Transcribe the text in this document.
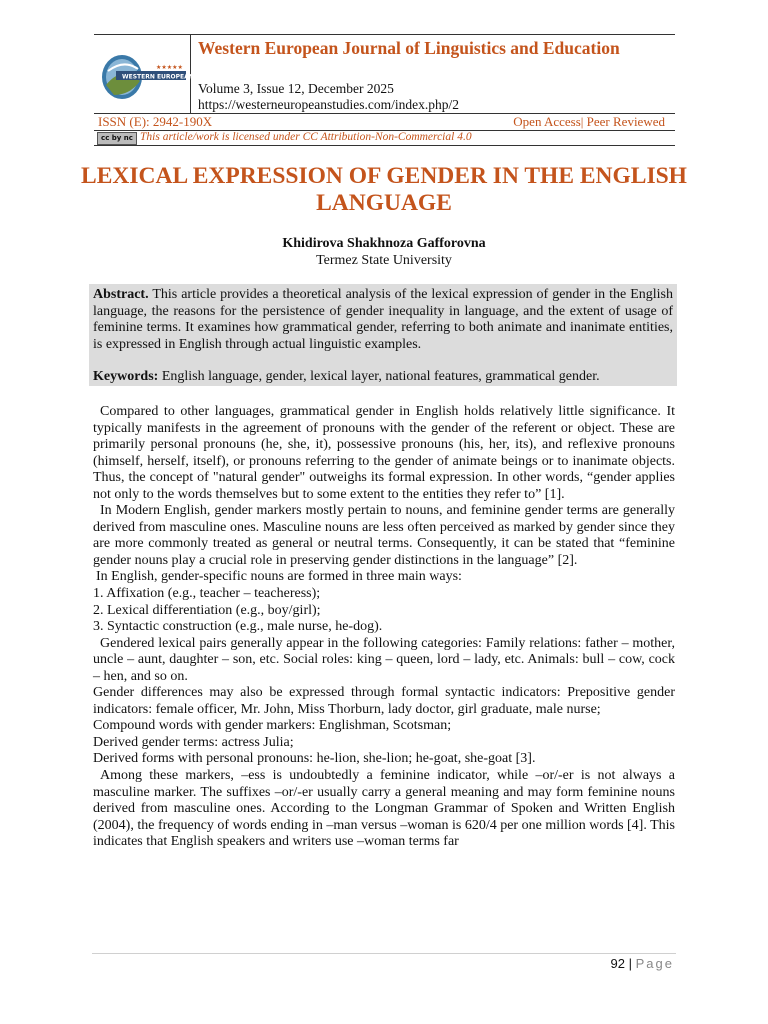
WESTERN EUROPEAN STUDIES
★★★★★
Western European Journal of Linguistics and Education
Volume 3, Issue 12, December 2025
https://westerneuropeanstudies.com/index.php/2
ISSN (E): 2942-190X	Open Access| Peer Reviewed
cc by nc This article/work is licensed under CC Attribution-Non-Commercial 4.0
LEXICAL EXPRESSION OF GENDER IN THE ENGLISH LANGUAGE
Khidirova Shakhnoza Gafforovna
Termez State University
Abstract. This article provides a theoretical analysis of the lexical expression of gender in the English language, the reasons for the persistence of gender inequality in language, and the extent of usage of feminine terms. It examines how grammatical gender, referring to both animate and inanimate entities, is expressed in English through actual linguistic examples.
Keywords: English language, gender, lexical layer, national features, grammatical gender.

Compared to other languages, grammatical gender in English holds relatively little significance. It typically manifests in the agreement of pronouns with the gender of the referent or object. These are primarily personal pronouns (he, she, it), possessive pronouns (his, her, its), and reflexive pronouns (himself, herself, itself), or pronouns referring to the gender of animate beings or to inanimate objects. Thus, the concept of "natural gender" outweighs its formal expression. In other words, “gender applies not only to the words themselves but to some extent to the entities they refer to” [1].

In Modern English, gender markers mostly pertain to nouns, and feminine gender terms are generally derived from masculine ones. Masculine nouns are less often perceived as marked by gender since they are more commonly treated as general or neutral terms. Consequently, it can be stated that “feminine gender nouns play a crucial role in preserving gender distinctions in the language” [2].

In English, gender-specific nouns are formed in three main ways:

1. Affixation (e.g., teacher – teacheress);

2. Lexical differentiation (e.g., boy/girl);

3. Syntactic construction (e.g., male nurse, he-dog).

Gendered lexical pairs generally appear in the following categories: Family relations: father – mother, uncle – aunt, daughter – son, etc. Social roles: king – queen, lord – lady, etc. Animals: bull – cow, cock – hen, and so on.

Gender differences may also be expressed through formal syntactic indicators: Prepositive gender indicators: female officer, Mr. John, Miss Thorburn, lady doctor, girl graduate, male nurse;

Compound words with gender markers: Englishman, Scotsman;

Derived gender terms: actress Julia;

Derived forms with personal pronouns: he-lion, she-lion; he-goat, she-goat [3].

Among these markers, –ess is undoubtedly a feminine indicator, while –or/-er is not always a masculine marker. The suffixes –or/-er usually carry a general meaning and may form feminine nouns derived from masculine ones. According to the Longman Grammar of Spoken and Written English (2004), the frequency of words ending in –man versus –woman is 620/4 per one million words [4]. This indicates that English speakers and writers use –woman terms far

92 | Page
